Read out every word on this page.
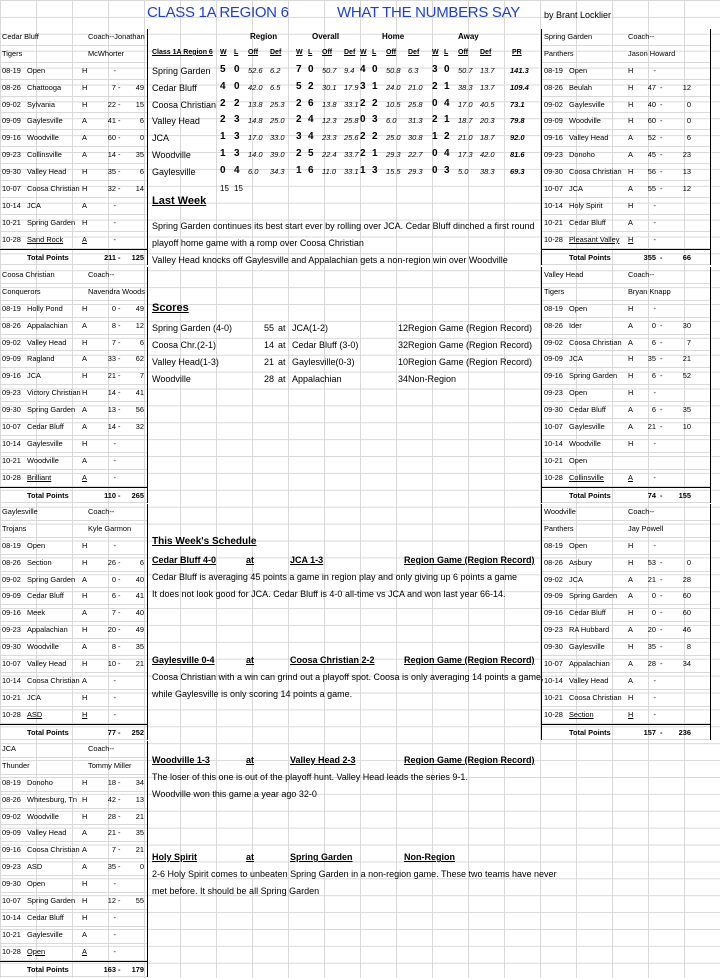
CLASS 1A REGION 6	WHAT THE NUMBERS SAY	by Brant Locklier
Cedar Bluff	Coach--Jonathan
Tigers	McWhorter
08-19 Open	H	-
08-26 Chattooga	H	7 -	49
09-02 Sylvania	H	22 -	15
09-09 Gaylesville	A	41 -	6
09-16 Woodville	A	60 -	0
09-23 Collinsville	A	14 -	35
09-30 Valley Head H	35 -	6
10-07 Coosa Christian H	32 -	14
10-14 JCA	A	-
10-21 Spring Garden H	-
10-28 Sand Rock	A	-
Total Points	211 -	125
Coosa Christian	Coach--
Conquerors	Navendra Woods
08-19 Holly Pond	H	0 -	49
08-26 Appalachian A	8 -	12
09-02 Valley Head H	7 -	6
09-09 Ragland	A	33 -	62
09-16 JCA	H	21 -	7
09-23 Victory Christian H	14 -	41
09-30 Spring Garden A	13 -	56
10-07 Cedar Bluff A	14 -	32
10-14 Gaylesville	H	-
10-21 Woodville	A	-
10-28 Brilliant	A	-
Total Points	110 -	265
Gaylesville	Coach--
Trojans	Kyle Garmon
08-19 Open	H	-
08-26 Section	H	26 -	6
09-02 Spring Garden A	0 -	40
09-09 Cedar Bluff H	6 -	41
09-16 Meek	A	7 -	40
09-23 Appalachian H	20 -	49
09-30 Woodville	A	8 -	35
10-07 Valley Head H	10 -	21
10-14 Coosa Christian A	-
10-21 JCA	H	-
10-28 ASD	H	-
Total Points	77 -	252
JCA	Coach--
Thunder	Tommy Miller
08-19 Donoho	H	18 -	34
08-26 Whitesburg, Tn H	42 -	13
09-02 Woodville	H	28 -	21
09-09 Valley Head A	21 -	35
09-16 Coosa Christian A	7 -	21
09-23 ASD	A	35 -	0
09-30 Open	H	-
10-07 Spring Garden H	12 -	55
10-14 Cedar Bluff H	-
10-21 Gaylesville	A	-
10-28 Open	A	-
Total Points	163 -	179
Spring Garden	Coach--
Panthers	Jason Howard
08-19 Open	H	-
08-26 Beulah	H	47 -	12
09-02 Gaylesville	H	40 -	0
09-09 Woodville	H	60 -	0
09-16 Valley Head	A	52 -	6
09-23 Donoho	A	45 -	23
09-30 Coosa Christian H	56 -	13
10-07 JCA	A	55 -	12
10-14 Holy Spirit	H	-
10-21 Cedar Bluff	A	-
10-28 Pleasant Valley H	-
Total Points	355 -	66
Valley Head	Coach--
Tigers	Bryan Knapp
08-19 Open	H	-
08-26 Ider	A	0 -	30
09-02 Coosa Christian A	6 -	7
09-09 JCA	H	35 -	21
09-16 Spring Garden H	6 -	52
09-23 Open	H	-
09-30 Cedar Bluff	A	6 -	35
10-07 Gaylesville	A	21 -	10
10-14 Woodville	H	-
10-21 Open
10-28 Collinsville	A	-
Total Points	74 -	155
Woodville	Coach--
Panthers	Jay Powell
08-19 Open	H	-
08-26 Asbury	H	53 -	0
09-02 JCA	A	21 -	28
09-09 Spring Garden A	0 -	60
09-16 Cedar Bluff	H	0 -	60
09-23 RA Hubbard	A	20 -	46
09-30 Gaylesville	H	35 -	8
10-07 Appalachian A	28 -	34
10-14 Valley Head	A	-
10-21 Coosa Christian H	-
10-28 Section	H	-
Total Points	157 -	236
Region	Overall	Home	Away
Class 1A Region 6 W L Off Def W L Off Def W L Off Def W L Off Def	PR
Spring Garden 5 0 52.6 6.2 7 0 50.7 9.4 4 0 50.8 6.3 3 0 50.7 13.7 141.3
Cedar Bluff 4 0 42.0 6.5 5 2 30.1 17.9 3 1 24.0 21.0 2 1 38.3 13.7 109.4
Coosa Christian 2 2 13.8 25.3 2 6 13.8 33.1 2 2 10.5 25.8 0 4 17.0 40.5 73.1
Valley Head 2 3 14.8 25.0 2 4 12.3 25.8 0 3 6.0 31.3 2 1 18.7 20.3 79.8
JCA	1 3 17.0 33.0 3 4 23.3 25.6 2 2 25.0 30.8 1 2 21.0 18.7 92.0
Woodville	1 3 14.0 39.0 2 5 22.4 33.7 2 1 29.3 22.7 0 4 17.3 42.0 81.6
Gaylesville 0 4 6.0 34.3 1 6 11.0 33.1 1 3 15.5 29.3 0 3 5.0 38.3 69.3
15 15
Last Week
Spring Garden continues its best start ever by rolling over JCA. Cedar Bluff dinched a first round
playoff home game with a romp over Coosa Christian
Valley Head knocks off Gaylesville and Appalachian gets a non-region win over Woodville
Scores
Spring Garden (4-0)	55 at JCA(1-2)	12 Region Game (Region Record)
Coosa Chr.(2-1)	14 at Cedar Bluff (3-0)	32 Region Game (Region Record)
Valley Head(1-3)	21 at Gaylesville(0-3)	10 Region Game (Region Record)
Woodville	28 at Appalachian	34 Non-Region
This Week's Schedule
Cedar Bluff 4-0	at	JCA 1-3	Region Game (Region Record)
Cedar Bluff is averaging 45 points a game in region play and only giving up 6 points a game
It does not look good for JCA. Cedar Bluff is 4-0 all-time vs JCA and won last year 66-14.
Gaylesville 0-4	at	Coosa Christian 2-2	Region Game (Region Record)
Coosa Christian with a win can grind out a playoff spot. Coosa is only averaging 14 points a game,
while Gaylesville is only scoring 14 points a game.
Woodville 1-3	at	Valley Head 2-3	Region Game (Region Record)
The loser of this one is out of the playoff hunt. Valley Head leads the series 9-1.
Woodville won this game a year ago 32-0
Holy Spirit	at	Spring Garden	Non-Region
2-6 Holy Spirit comes to unbeaten Spring Garden in a non-region game. These two teams have never
met before. It should be all Spring Garden
